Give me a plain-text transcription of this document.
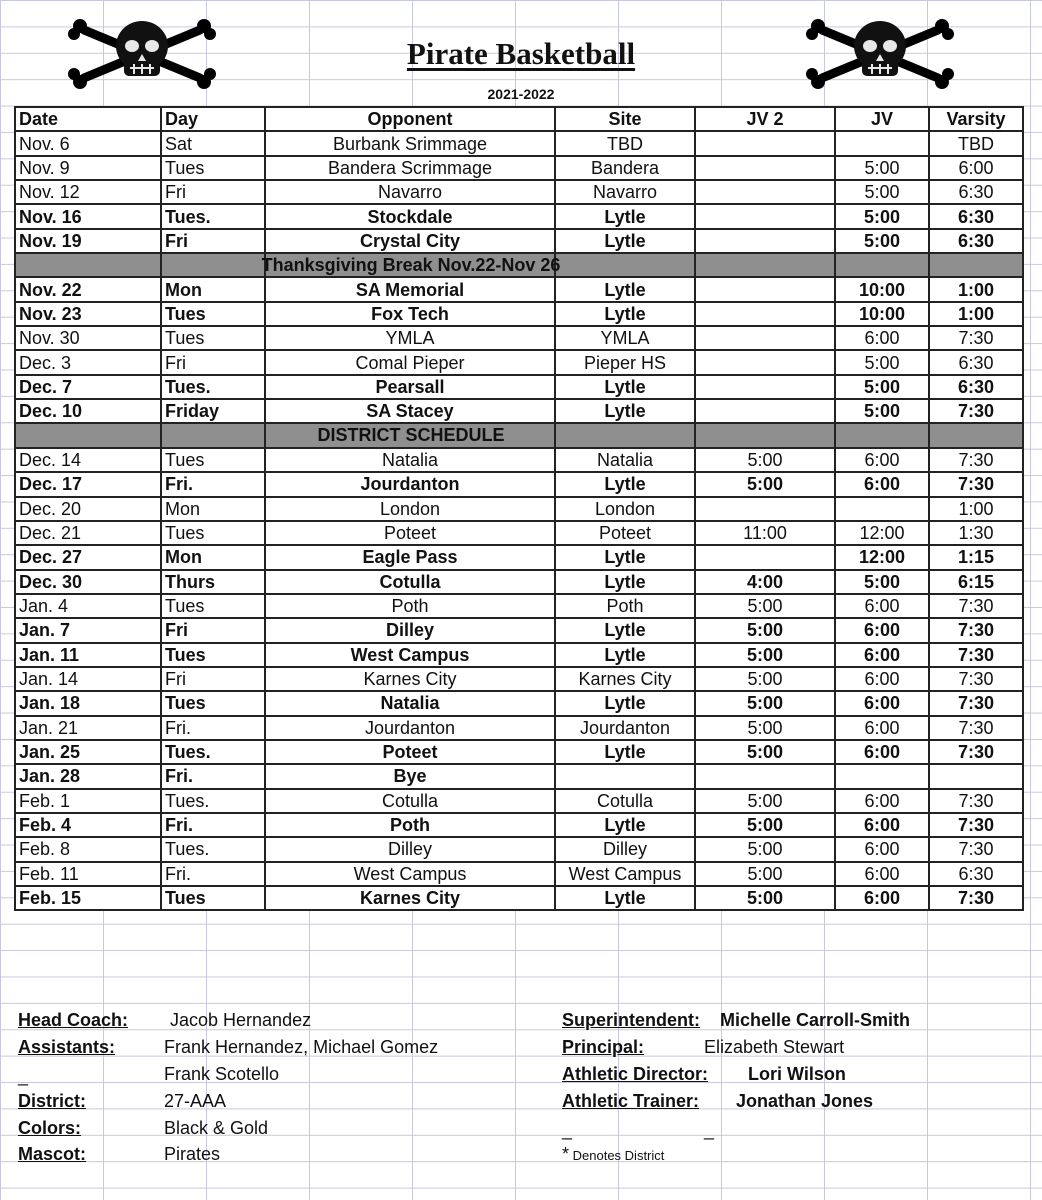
Pirate Basketball
2021-2022
Date	Day	Opponent	Site	JV 2	JV	Varsity
Nov. 6	Sat	Burbank Srimmage	TBD			TBD
Nov. 9	Tues	Bandera Scrimmage	Bandera		5:00	6:00
Nov. 12	Fri	Navarro	Navarro		5:00	6:30
Nov. 16	Tues.	Stockdale	Lytle		5:00	6:30
Nov. 19	Fri	Crystal City	Lytle		5:00	6:30

		Thanksgiving Break Nov.22-Nov 26				

Nov. 22	Mon	SA Memorial	Lytle		10:00	1:00
Nov. 23	Tues	Fox Tech	Lytle		10:00	1:00
Nov. 30	Tues	YMLA	YMLA		6:00	7:30
Dec. 3	Fri	Comal Pieper	Pieper HS		5:00	6:30
Dec. 7	Tues.	Pearsall	Lytle		5:00	6:30
Dec. 10	Friday	SA Stacey	Lytle		5:00	7:30

		DISTRICT SCHEDULE				

Dec. 14	Tues	Natalia	Natalia	5:00	6:00	7:30
Dec. 17	Fri.	Jourdanton	Lytle	5:00	6:00	7:30
Dec. 20	Mon	London	London			1:00
Dec. 21	Tues	Poteet	Poteet	11:00	12:00	1:30
Dec. 27	Mon	Eagle Pass	Lytle		12:00	1:15
Dec. 30	Thurs	Cotulla	Lytle	4:00	5:00	6:15
Jan. 4	Tues	Poth	Poth	5:00	6:00	7:30
Jan. 7	Fri	Dilley	Lytle	5:00	6:00	7:30
Jan. 11	Tues	West Campus	Lytle	5:00	6:00	7:30
Jan. 14	Fri	Karnes City	Karnes City	5:00	6:00	7:30
Jan. 18	Tues	Natalia	Lytle	5:00	6:00	7:30
Jan. 21	Fri.	Jourdanton	Jourdanton	5:00	6:00	7:30
Jan. 25	Tues.	Poteet	Lytle	5:00	6:00	7:30
Jan. 28	Fri.	Bye				
Feb. 1	Tues.	Cotulla	Cotulla	5:00	6:00	7:30
Feb. 4	Fri.	Poth	Lytle	5:00	6:00	7:30
Feb. 8	Tues.	Dilley	Dilley	5:00	6:00	7:30
Feb. 11	Fri.	West Campus	West Campus	5:00	6:00	6:30
Feb. 15	Tues	Karnes City	Lytle	5:00	6:00	7:30
Head Coach: Jacob Hernandez	Superintendent: Michelle Carroll-Smith
Assistants:	Frank Hernandez, Michael Gomez	Principal:	Elizabeth Stewart
_	Frank Scotello	Athletic Director: Lori Wilson
District:	27-AAA	Athletic Trainer: Jonathan Jones
Colors:	Black & Gold	_	_
Mascot:	Pirates	* Denotes District
